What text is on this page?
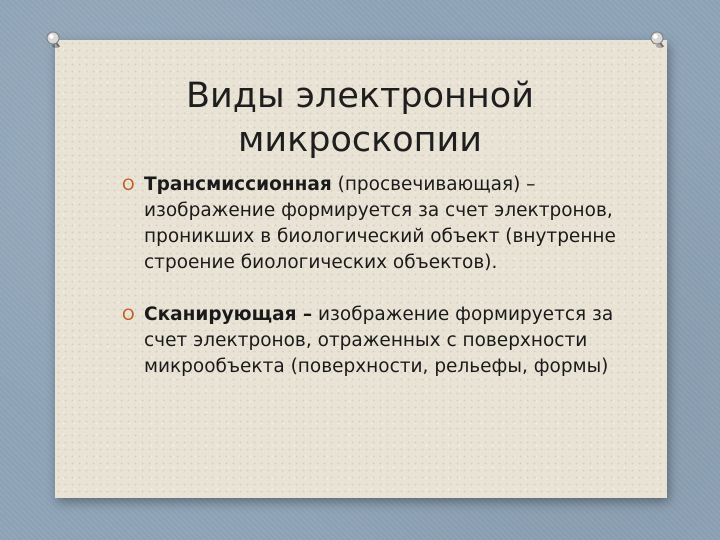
Виды электронной микроскопии
O Трансмиссионная (просвечивающая) – изображение формируется за счет электронов, проникших в биологический объект (внутренне строение биологических объектов).
O Сканирующая – изображение формируется за счет электронов, отраженных с поверхности микрообъекта (поверхности, рельефы, формы)
